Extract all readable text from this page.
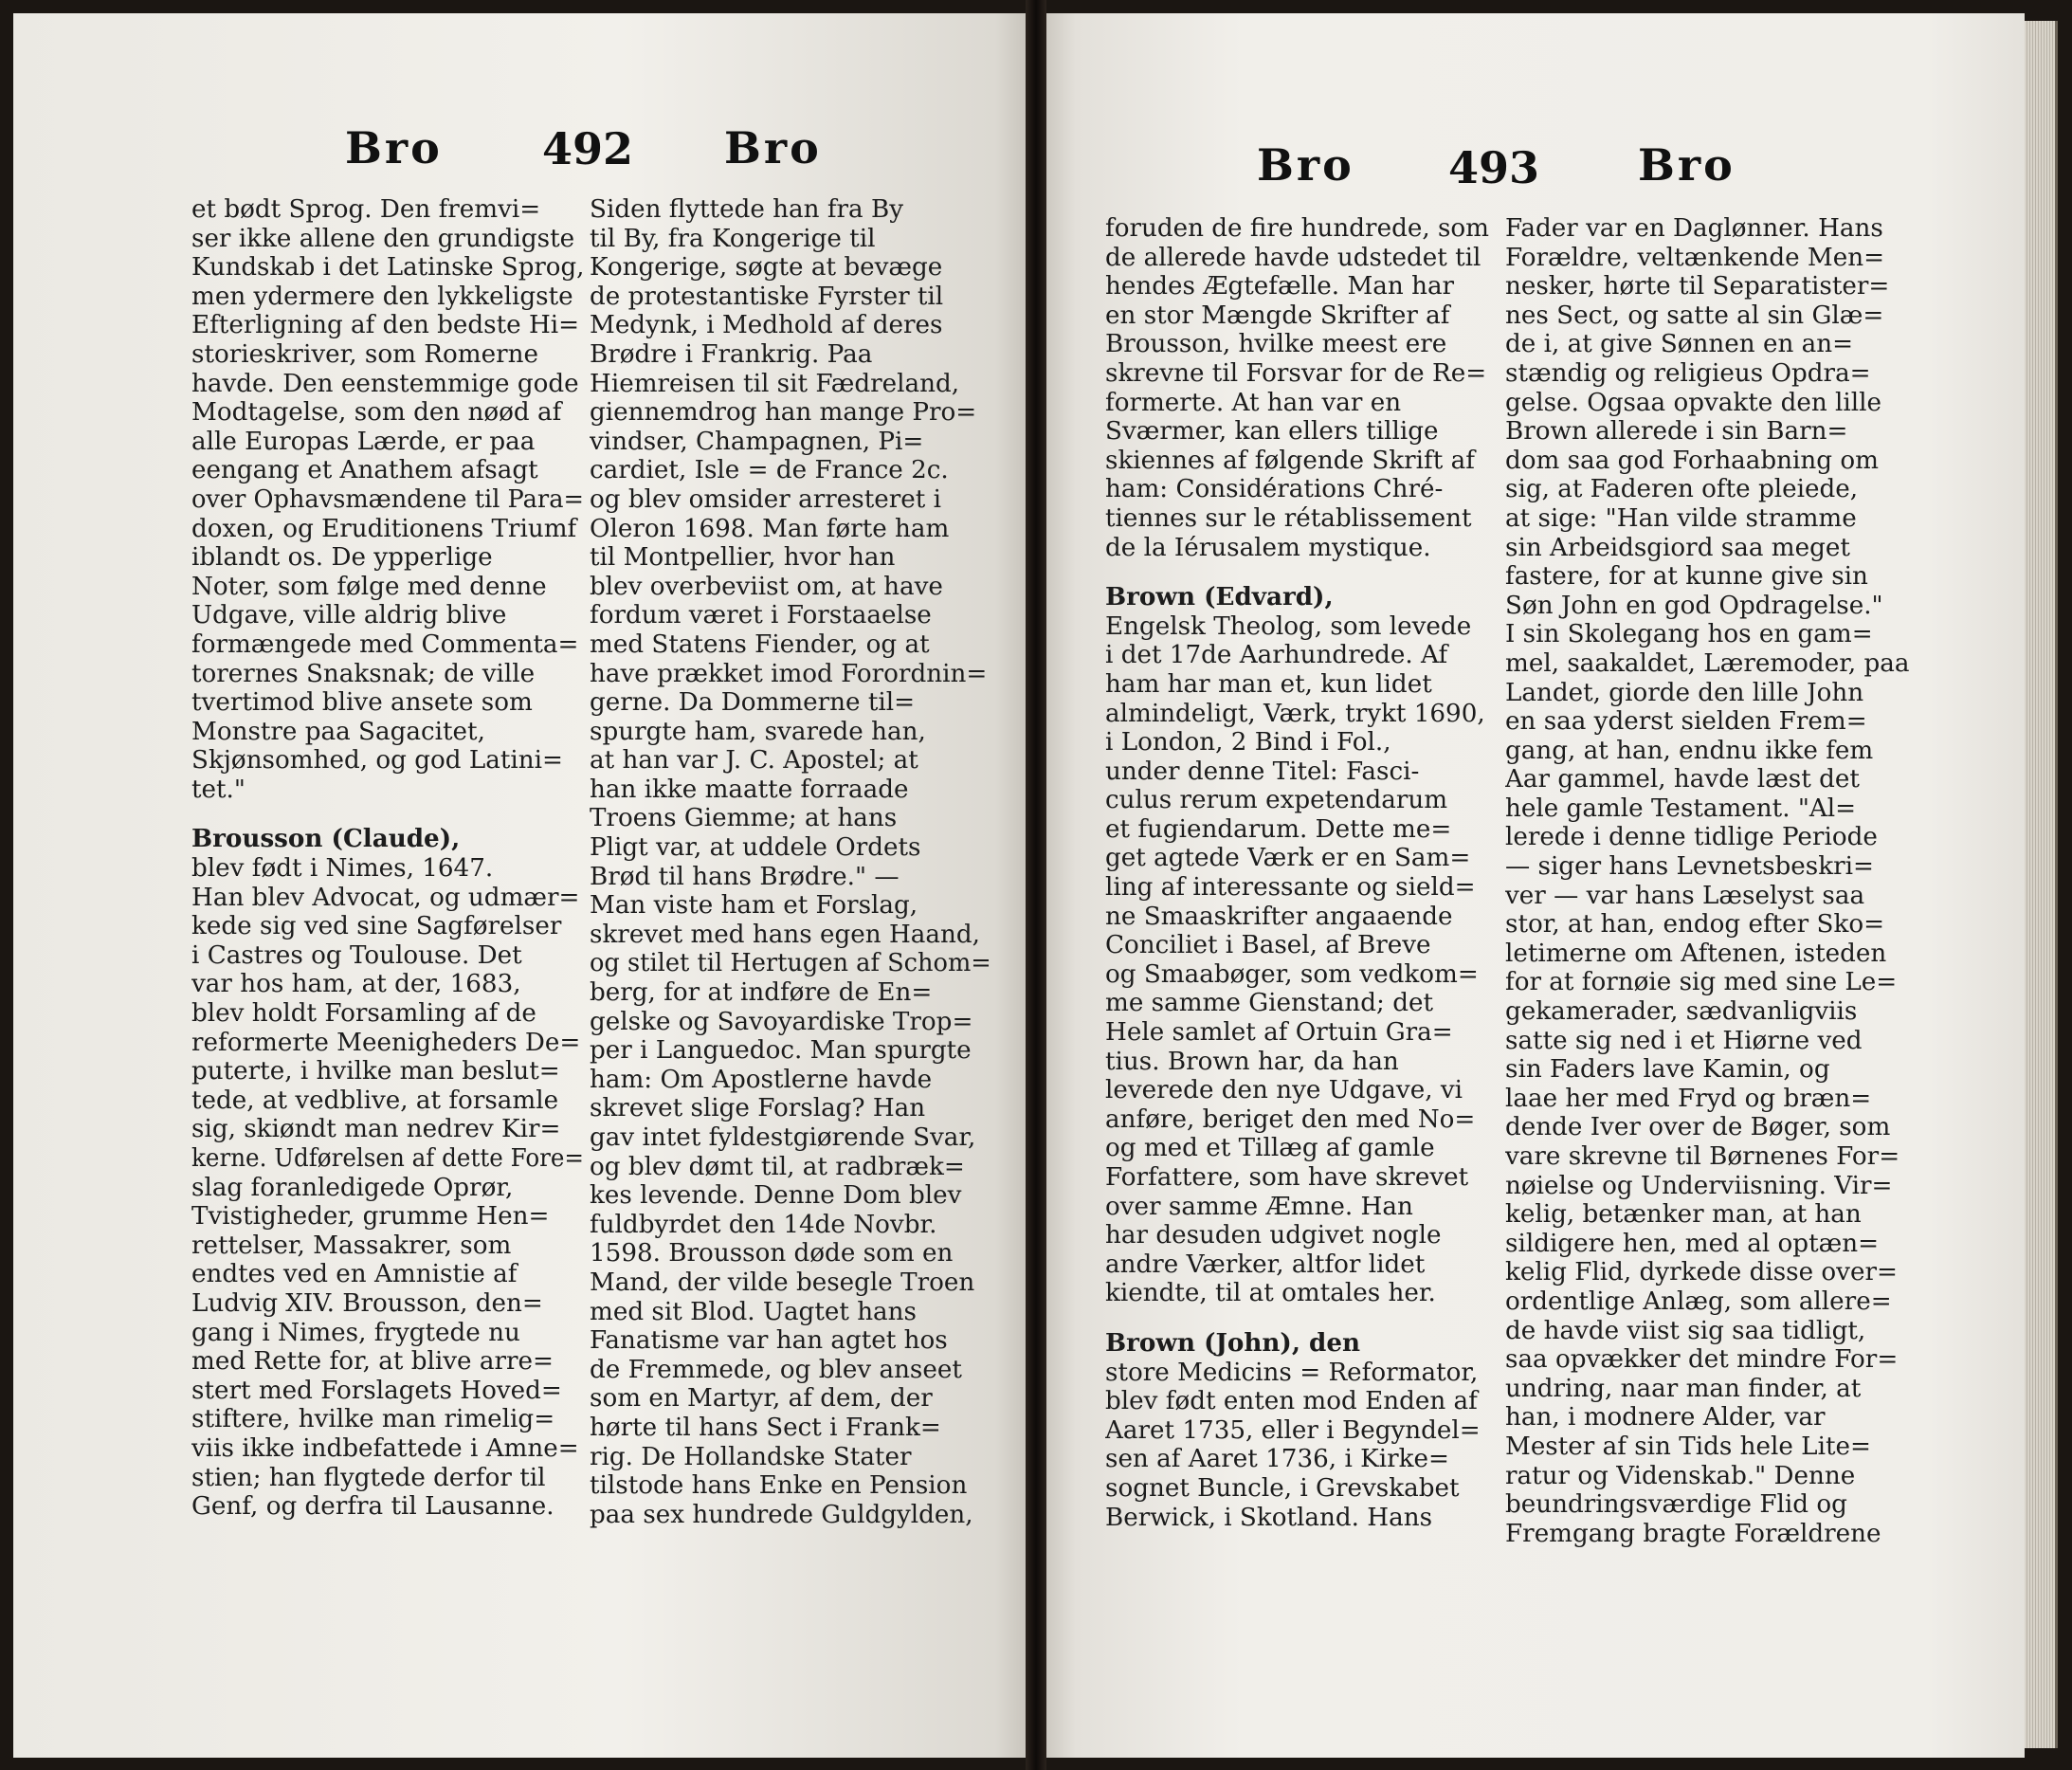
Bro 492 Bro
et bødt Sprog. Den fremvi=
ser ikke allene den grundigste
Kundskab i det Latinske Sprog,
men ydermere den lykkeligste
Efterligning af den bedste Hi=
storieskriver, som Romerne
havde. Den eenstemmige gode
Modtagelse, som den nøød af
alle Europas Lærde, er paa
eengang et Anathem afsagt
over Ophavsmændene til Para=
doxen, og Eruditionens Triumf
iblandt os. De ypperlige
Noter, som følge med denne
Udgave, ville aldrig blive
formængede med Commenta=
torernes Snaksnak; de ville
tvertimod blive ansete som
Monstre paa Sagacitet,
Skjønsomhed, og god Latini=
tet."
Brousson (Claude),
blev født i Nimes, 1647.
Han blev Advocat, og udmær=
kede sig ved sine Sagførelser
i Castres og Toulouse. Det
var hos ham, at der, 1683,
blev holdt Forsamling af de
reformerte Meenigheders De=
puterte, i hvilke man beslut=
tede, at vedblive, at forsamle
sig, skiøndt man nedrev Kir=
kerne. Udførelsen af dette Fore=
slag foranledigede Oprør,
Tvistigheder, grumme Hen=
rettelser, Massakrer, som
endtes ved en Amnistie af
Ludvig XIV. Brousson, den=
gang i Nimes, frygtede nu
med Rette for, at blive arre=
stert med Forslagets Hoved=
stiftere, hvilke man rimelig=
viis ikke indbefattede i Amne=
stien; han flygtede derfor til
Genf, og derfra til Lausanne.
Siden flyttede han fra By
til By, fra Kongerige til
Kongerige, søgte at bevæge
de protestantiske Fyrster til
Medynk, i Medhold af deres
Brødre i Frankrig. Paa
Hiemreisen til sit Fædreland,
giennemdrog han mange Pro=
vindser, Champagnen, Pi=
cardiet, Isle = de France 2c.
og blev omsider arresteret i
Oleron 1698. Man førte ham
til Montpellier, hvor han
blev overbeviist om, at have
fordum været i Forstaaelse
med Statens Fiender, og at
have prækket imod Forordnin=
gerne. Da Dommerne til=
spurgte ham, svarede han,
at han var J. C. Apostel; at
han ikke maatte forraade
Troens Giemme; at hans
Pligt var, at uddele Ordets
Brød til hans Brødre." —
Man viste ham et Forslag,
skrevet med hans egen Haand,
og stilet til Hertugen af Schom=
berg, for at indføre de En=
gelske og Savoyardiske Trop=
per i Languedoc. Man spurgte
ham: Om Apostlerne havde
skrevet slige Forslag? Han
gav intet fyldestgiørende Svar,
og blev dømt til, at radbræk=
kes levende. Denne Dom blev
fuldbyrdet den 14de Novbr.
1598. Brousson døde som en
Mand, der vilde besegle Troen
med sit Blod. Uagtet hans
Fanatisme var han agtet hos
de Fremmede, og blev anseet
som en Martyr, af dem, der
hørte til hans Sect i Frank=
rig. De Hollandske Stater
tilstode hans Enke en Pension
paa sex hundrede Guldgylden,
Bro 493 Bro
foruden de fire hundrede, som
de allerede havde udstedet til
hendes Ægtefælle. Man har
en stor Mængde Skrifter af
Brousson, hvilke meest ere
skrevne til Forsvar for de Re=
formerte. At han var en
Sværmer, kan ellers tillige
skiennes af følgende Skrift af
ham: Considérations Chré-
tiennes sur le rétablissement
de la Iérusalem mystique.
Brown (Edvard),
Engelsk Theolog, som levede
i det 17de Aarhundrede. Af
ham har man et, kun lidet
almindeligt, Værk, trykt 1690,
i London, 2 Bind i Fol.,
under denne Titel: Fasci-
culus rerum expetendarum
et fugiendarum. Dette me=
get agtede Værk er en Sam=
ling af interessante og sield=
ne Smaaskrifter angaaende
Conciliet i Basel, af Breve
og Smaabøger, som vedkom=
me samme Gienstand; det
Hele samlet af Ortuin Gra=
tius. Brown har, da han
leverede den nye Udgave, vi
anføre, beriget den med No=
og med et Tillæg af gamle
Forfattere, som have skrevet
over samme Æmne. Han
har desuden udgivet nogle
andre Værker, altfor lidet
kiendte, til at omtales her.
Brown (John), den
store Medicins = Reformator,
blev født enten mod Enden af
Aaret 1735, eller i Begyndel=
sen af Aaret 1736, i Kirke=
sognet Buncle, i Grevskabet
Berwick, i Skotland. Hans
Fader var en Daglønner. Hans
Forældre, veltænkende Men=
nesker, hørte til Separatister=
nes Sect, og satte al sin Glæ=
de i, at give Sønnen en an=
stændig og religieus Opdra=
gelse. Ogsaa opvakte den lille
Brown allerede i sin Barn=
dom saa god Forhaabning om
sig, at Faderen ofte pleiede,
at sige: "Han vilde stramme
sin Arbeidsgiord saa meget
fastere, for at kunne give sin
Søn John en god Opdragelse."
I sin Skolegang hos en gam=
mel, saakaldet, Læremoder, paa
Landet, giorde den lille John
en saa yderst sielden Frem=
gang, at han, endnu ikke fem
Aar gammel, havde læst det
hele gamle Testament. "Al=
lerede i denne tidlige Periode
— siger hans Levnetsbeskri=
ver — var hans Læselyst saa
stor, at han, endog efter Sko=
letimerne om Aftenen, isteden
for at fornøie sig med sine Le=
gekamerader, sædvanligviis
satte sig ned i et Hiørne ved
sin Faders lave Kamin, og
laae her med Fryd og bræn=
dende Iver over de Bøger, som
vare skrevne til Børnenes For=
nøielse og Underviisning. Vir=
kelig, betænker man, at han
sildigere hen, med al optæn=
kelig Flid, dyrkede disse over=
ordentlige Anlæg, som allere=
de havde viist sig saa tidligt,
saa opvækker det mindre For=
undring, naar man finder, at
han, i modnere Alder, var
Mester af sin Tids hele Lite=
ratur og Videnskab." Denne
beundringsværdige Flid og
Fremgang bragte Forældrene
